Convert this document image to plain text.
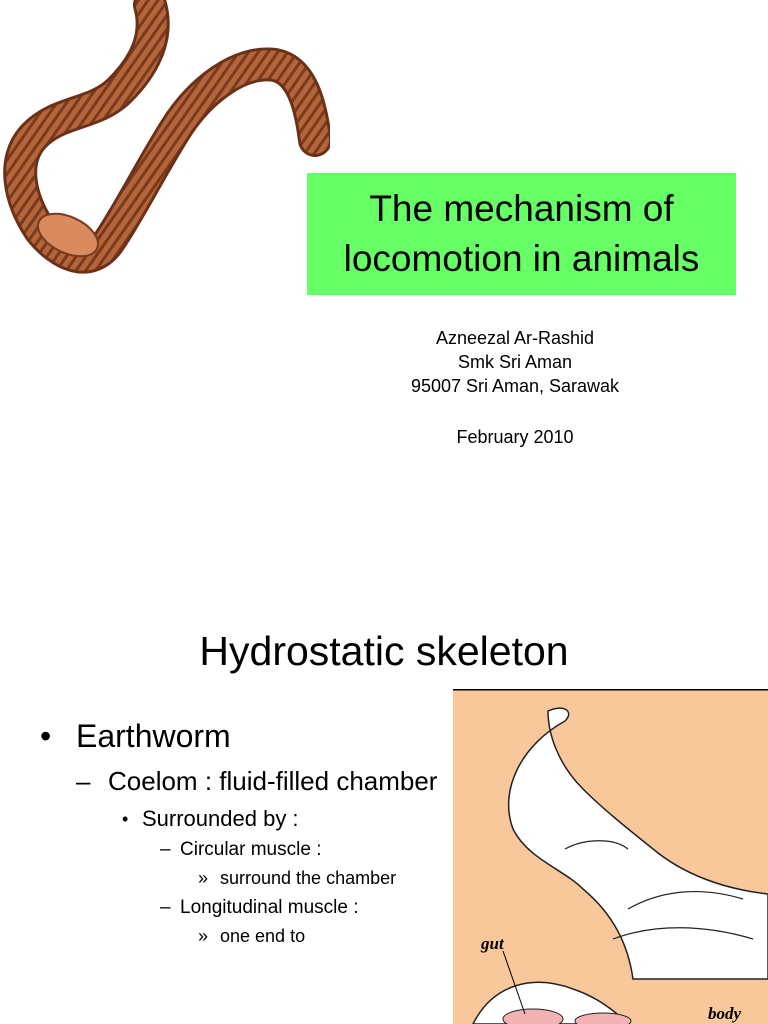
The mechanism of
locomotion in animals
Azneezal Ar-Rashid
Smk Sri Aman
95007 Sri Aman, Sarawak
February 2010
Hydrostatic skeleton
• Earthworm
– Coelom : fluid-filled chamber
• Surrounded by :
– Circular muscle :
» surround the chamber
– Longitudinal muscle :
» one end to	gut
body
